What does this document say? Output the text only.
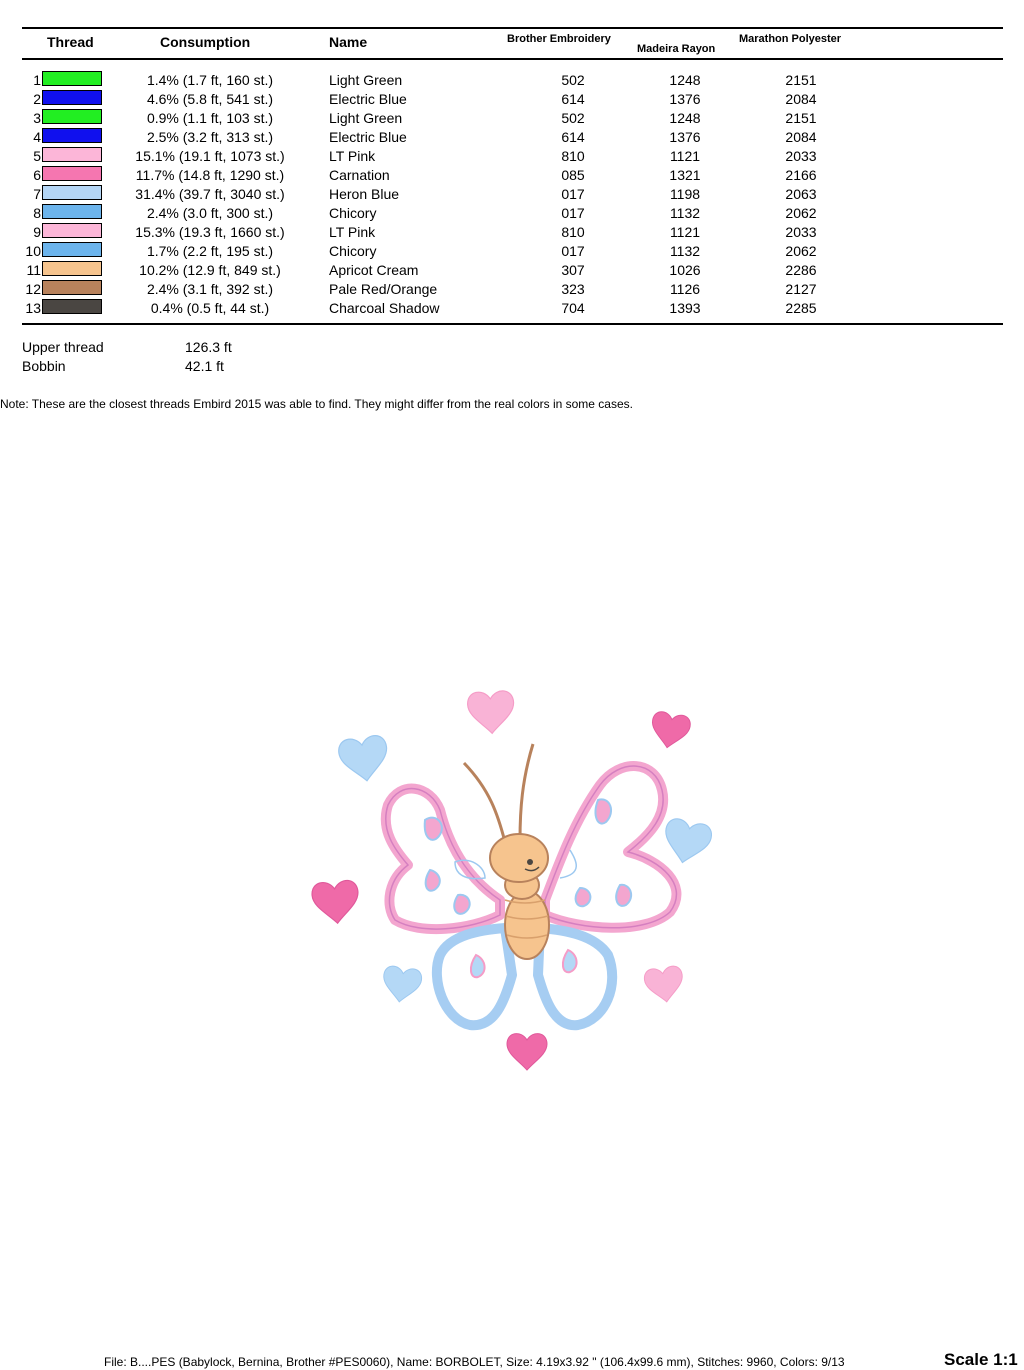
Thread	Consumption	Name	Brother Embroidery
Madeira Rayon
Marathon Polyester
1	1.4% (1.7 ft, 160 st.)	Light Green	502	1248	2151
2	4.6% (5.8 ft, 541 st.)	Electric Blue	614	1376	2084
3	0.9% (1.1 ft, 103 st.)	Light Green	502	1248	2151
4	2.5% (3.2 ft, 313 st.)	Electric Blue	614	1376	2084
5	15.1% (19.1 ft, 1073 st.)	LT Pink	810	1121	2033
6	11.7% (14.8 ft, 1290 st.)	Carnation	085	1321	2166
7	31.4% (39.7 ft, 3040 st.)	Heron Blue	017	1198	2063
8	2.4% (3.0 ft, 300 st.)	Chicory	017	1132	2062
9	15.3% (19.3 ft, 1660 st.)	LT Pink	810	1121	2033
10	1.7% (2.2 ft, 195 st.)	Chicory	017	1132	2062
11	10.2% (12.9 ft, 849 st.)	Apricot Cream	307	1026	2286
12	2.4% (3.1 ft, 392 st.)	Pale Red/Orange	323	1126	2127
13	0.4% (0.5 ft, 44 st.)	Charcoal Shadow	704	1393	2285
Upper thread	126.3 ft
Bobbin	42.1 ft
Note: These are the closest threads Embird 2015 was able to find. They might differ from the real colors in some cases.
File: B....PES (Babylock, Bernina, Brother #PES0060), Name: BORBOLET, Size: 4.19x3.92 " (106.4x99.6 mm), Stitches: 9960, Colors: 9/13	Scale 1:1
